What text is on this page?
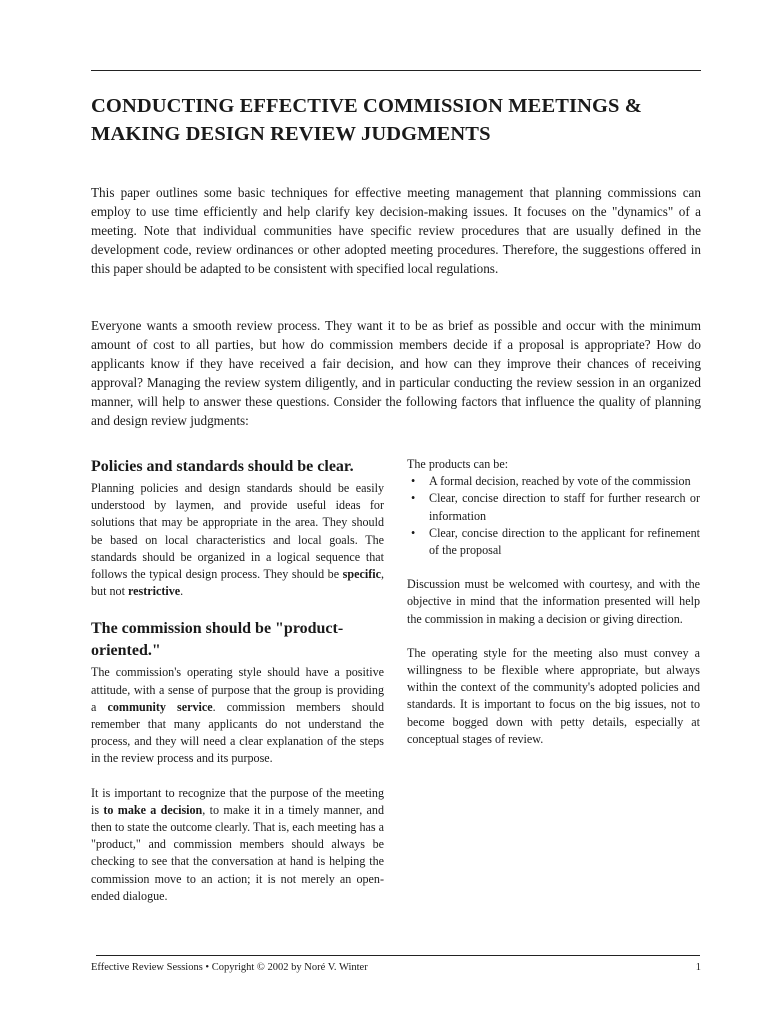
CONDUCTING EFFECTIVE COMMISSION MEETINGS &
MAKING DESIGN REVIEW JUDGMENTS

This paper outlines some basic techniques for effective meeting management that planning commissions can employ to use time efficiently and help clarify key decision-making issues. It focuses on the "dynamics" of a meeting. Note that individual communities have specific review procedures that are usually defined in the development code, review ordinances or other adopted meeting procedures. Therefore, the suggestions offered in this paper should be adapted to be consistent with specified local regulations.

Everyone wants a smooth review process. They want it to be as brief as possible and occur with the minimum amount of cost to all parties, but how do commission members decide if a proposal is appropriate? How do applicants know if they have received a fair decision, and how can they improve their chances of receiving approval? Managing the review system diligently, and in particular conducting the review session in an organized manner, will help to answer these questions. Consider the following factors that influence the quality of planning and design review judgments:

Policies and standards should be clear.

Planning policies and design standards should be easily understood by laymen, and provide useful ideas for solutions that may be appropriate in the area. They should be based on local characteristics and local goals. The standards should be organized in a logical sequence that follows the typical design process. They should be specific, but not restrictive.

The commission should be "product-oriented."

The commission's operating style should have a positive attitude, with a sense of purpose that the group is providing a community service. commission members should remember that many applicants do not understand the process, and they will need a clear explanation of the steps in the review process and its purpose.

It is important to recognize that the purpose of the meeting is to make a decision, to make it in a timely manner, and then to state the outcome clearly. That is, each meeting has a "product," and commission members should always be checking to see that the conversation at hand is helping the commission move to an action; it is not merely an open-ended dialogue.

The products can be:

• A formal decision, reached by vote of the commission
• Clear, concise direction to staff for further research or information
• Clear, concise direction to the applicant for refinement of the proposal

Discussion must be welcomed with courtesy, and with the objective in mind that the information presented will help the commission in making a decision or giving direction.

The operating style for the meeting also must convey a willingness to be flexible where appropriate, but always within the context of the community's adopted policies and standards. It is important to focus on the big issues, not to become bogged down with petty details, especially at conceptual stages of review.

Effective Review Sessions • Copyright © 2002 by Noré V. Winter	1
